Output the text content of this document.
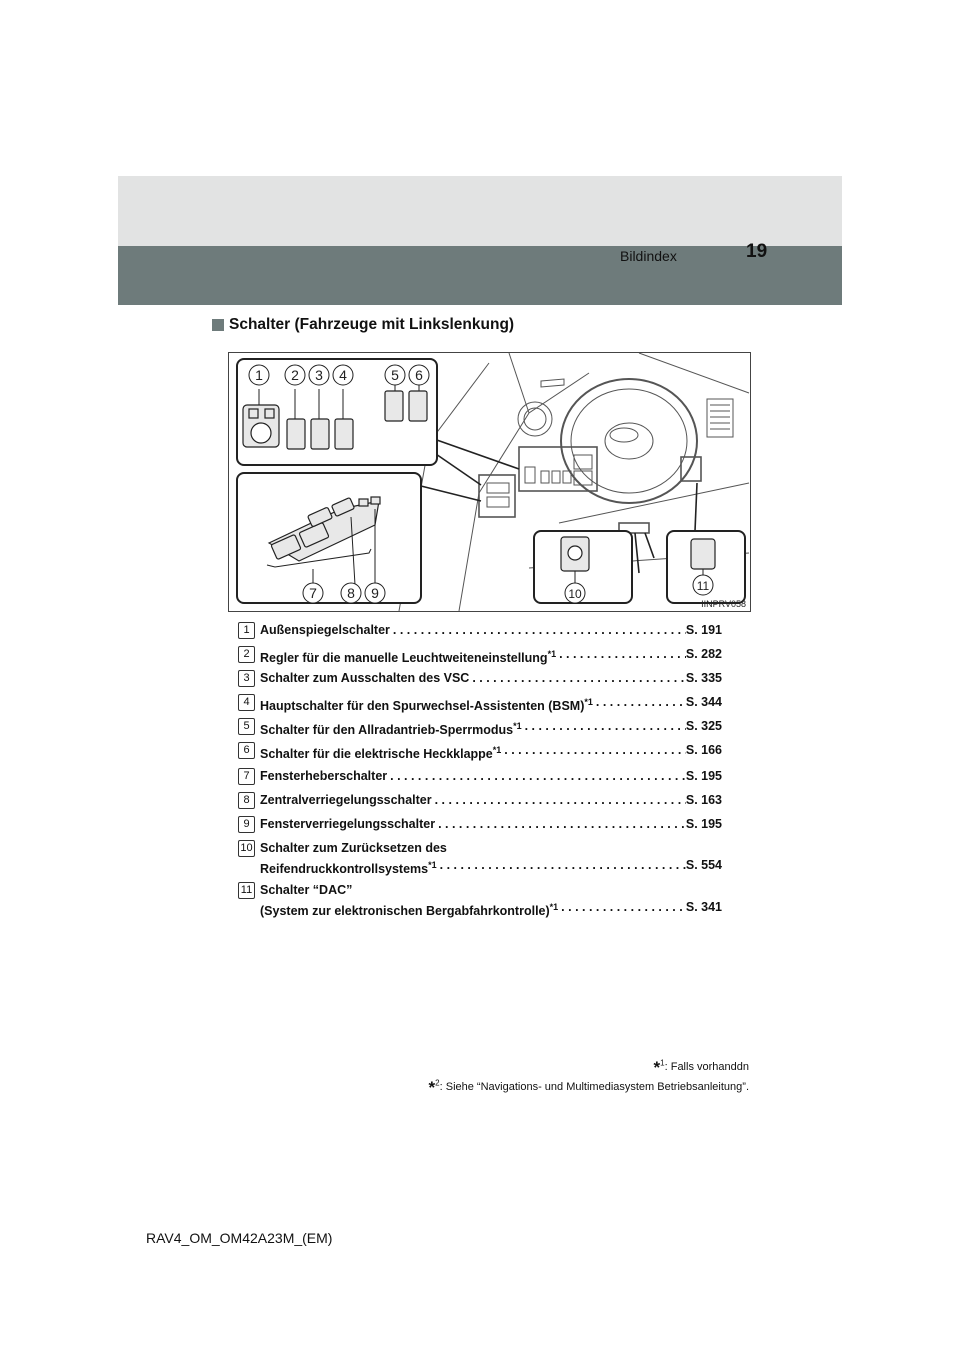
Bildindex	19
Schalter (Fahrzeuge mit Linkslenkung)
1 2 3 4	5 6
7 8 9	10
11
IINPRV058
1 Außenspiegelschalter . . .	S. 191
2 Regler für die manuelle Leuchtweiteneinstellung$^{*1}$ . . .	S. 282
3 Schalter zum Ausschalten des VSC . . .	S. 335
4 Hauptschalter für den Spurwechsel-Assistenten (BSM)$^{*1}$ . . .	S. 344
5 Schalter für den Allradantrieb-Sperrmodus$^{*1}$ . . .	S. 325
6 Schalter für die elektrische Heckklappe$^{*1}$ . . .	S. 166
7 Fensterheberschalter . . .	S. 195
8 Zentralverriegelungsschalter . . .	S. 163
9 Fensterverriegelungsschalter . . .	S. 195
10 Schalter zum Zurücksetzen des
Reifendruckkontrollsystems$^{*1}$ . . .	S. 554
11 Schalter “DAC”
(System zur elektronischen Bergabfahrkontrolle)$^{*1}$ . . .	S. 341
*$^1$: Falls vorhanddn
*$^2$: Siehe “Navigations- und Multimediasystem Betriebsanleitung”.
RAV4_OM_OM42A23M_(EM)
